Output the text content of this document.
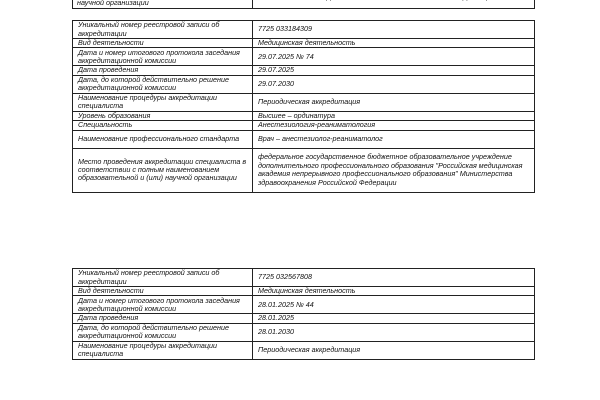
научной организации
Уникальный номер реестровой записи об аккредитации	7725 033184309
Вид деятельности	Медицинская деятельность
Дата и номер итогового протокола заседания аккредитационной комиссии	29.07.2025 № 74
Дата проведения	29.07.2025
Дата, до которой действительно решение аккредитационной комиссии	29.07.2030
Наименование процедуры аккредитации специалиста	Периодическая аккредитация
Уровень образования	Высшее – ординатура
Специальность	Анестезиология-реаниматология
Наименование профессионального стандарта	Врач – анестезиолог-реаниматолог
Место проведения аккредитации специалиста в соответствии с полным наименованием образовательной и (или) научной организации	федеральное государственное бюджетное образовательное учреждение дополнительного профессионального образования "Российская медицинская академия непрерывного профессионального образования" Министерства здравоохранения Российской Федерации
Уникальный номер реестровой записи об аккредитации	7725 032567808
Вид деятельности	Медицинская деятельность
Дата и номер итогового протокола заседания аккредитационной комиссии	28.01.2025 № 44
Дата проведения	28.01.2025
Дата, до которой действительно решение аккредитационной комиссии	28.01.2030
Наименование процедуры аккредитации специалиста	Периодическая аккредитация
